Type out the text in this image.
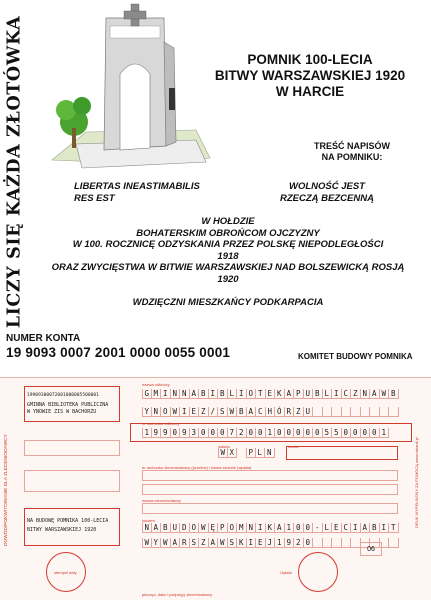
LICZY SIĘ KAŻDA ZŁOTÓWKA	POMNIK 100-LECIA
BITWY WARSZAWSKIEJ 1920
W HARCIE
TREŚĆ NAPISÓW
NA POMNIKU:
LIBERTAS INEASTIMABILIS
RES EST
WOLNOŚĆ JEST
RZECZĄ BEZCENNĄ
W HOŁDZIE
BOHATERSKIM OBROŃCOM OJCZYZNY
W 100. ROCZNICĘ ODZYSKANIA PRZEZ POLSKĘ NIEPODLEGŁOŚCI
1918
ORAZ ZWYCIĘSTWA W BITWIE WARSZAWSKIEJ NAD BOLSZEWICKĄ ROSJĄ
1920
WDZIĘCZNI MIESZKAŃCY PODKARPACIA
NUMER KONTA
19 9093 0007 2001 0000 0055 0001	KOMITET BUDOWY POMNIKA
DOWÓD/POKWITOWANIE DLA ZLECENIODAWCY
19909300072001000005500001
GMINNA BIBLIOTEKA PUBLICZNA
W YNOWIE ZIS W BACHORZU
NA BUDOWĘ POMNIKA 100-LECIA
BITWY WARSZAWSKIEJ 1920
stempel daty
nazwa odbiorcy
G M I N N A B I B L I O T E K A P U B L I C Z N A W B
Y N O W I E Z / S W B A C H Ó R Z U
nr rachunku odbiorcy
1 9 9 0 9 3 0 0 0 7 2 0 0 1 0 0 0 0 0 5 5 0 0 0 0 1
waluta	kwota
W X	P L N
nr rachunku zleceniodawcy (przelew) / kwota słownie (wpłata)
nazwa zleceniodawcy
tytułem
N A B U D O W Ę P O M N I K A 1 0 0 - L E C I A B I T
W Y W A R S Z A W S K I E J 1 9 2 0
06
pieczęć, data i podpis(y) zleceniodawcy
Opłata
DRUK WYPEŁNIONY ZA POMOCĄ www.mbank.pl
